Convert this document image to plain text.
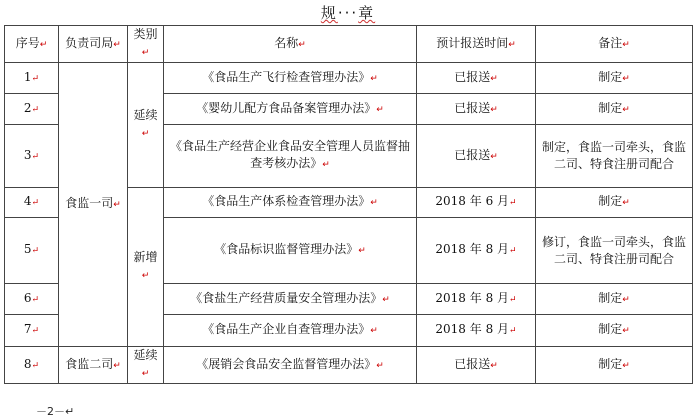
规···章
序号↵	负责司局↵	类别↵	名称↵	预计报送时间↵	备注↵
1↵	食监一司↵	延续↵	《食品生产飞行检查管理办法》↵	已报送↵	制定↵
2↵			《婴幼儿配方食品备案管理办法》↵	已报送↵	制定↵
3↵			《食品生产经营企业食品安全管理人员监督抽查考核办法》↵	已报送↵	制定，食监一司牵头，食监二司、特食注册司配合
4↵		新增↵	《食品生产体系检查管理办法》↵	2018 年 6 月↵	制定↵
5↵			《食品标识监督管理办法》↵	2018 年 8 月↵	修订，食监一司牵头，食监二司、特食注册司配合
6↵			《食盐生产经营质量安全管理办法》↵	2018 年 8 月↵	制定↵
7↵			《食品生产企业自查管理办法》↵	2018 年 8 月↵	制定↵
8↵	食监二司↵	延续↵	《展销会食品安全监督管理办法》↵	已报送↵	制定↵
－2－↵
